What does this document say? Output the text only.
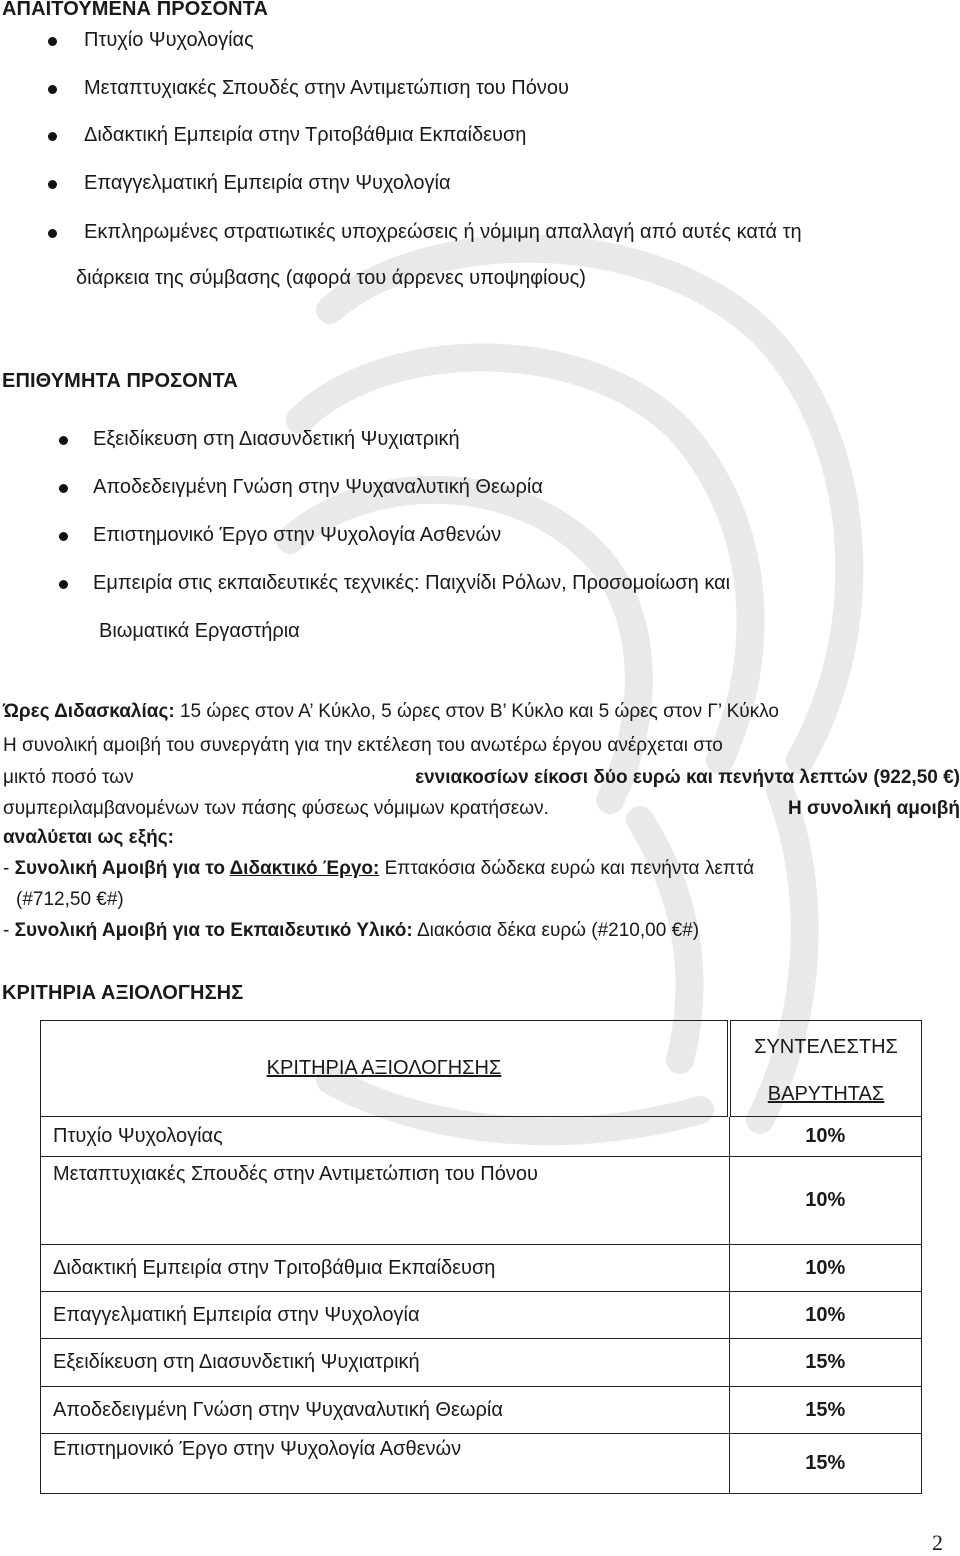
ΑΠΑΙΤΟΥΜΕΝΑ ΠΡΟΣΟΝΤΑ
Πτυχίο Ψυχολογίας
Μεταπτυχιακές Σπουδές στην Αντιμετώπιση του Πόνου
Διδακτική Εμπειρία στην Τριτοβάθμια Εκπαίδευση
Επαγγελματική Εμπειρία στην Ψυχολογία
Εκπληρωμένες στρατιωτικές υποχρεώσεις ή νόμιμη απαλλαγή από αυτές κατά τη
διάρκεια της σύμβασης (αφορά του άρρενες υποψηφίους)
ΕΠΙΘΥΜΗΤΑ ΠΡΟΣΟΝΤΑ
Εξειδίκευση στη Διασυνδετική Ψυχιατρική
Αποδεδειγμένη Γνώση στην Ψυχαναλυτική Θεωρία
Επιστημονικό Έργο στην Ψυχολογία Ασθενών
Εμπειρία στις εκπαιδευτικές τεχνικές: Παιχνίδι Ρόλων, Προσομοίωση και
Βιωματικά Εργαστήρια
Ώρες Διδασκαλίας: 15 ώρες στον Α’ Κύκλο, 5 ώρες στον Β’ Κύκλο και 5 ώρες στον Γ’ Κύκλο
Η συνολική αμοιβή του συνεργάτη για την εκτέλεση του ανωτέρω έργου ανέρχεται στο
μικτό ποσό των	εννιακοσίων είκοσι δύο ευρώ και πενήντα λεπτών (922,50 €)
συμπεριλαμβανομένων των πάσης φύσεως νόμιμων κρατήσεων.	Η συνολική αμοιβή
αναλύεται ως εξής:
- Συνολική Αμοιβή για το Διδακτικό Έργο: Επτακόσια δώδεκα ευρώ και πενήντα λεπτά
(#712,50 €#)
- Συνολική Αμοιβή για το Εκπαιδευτικό Υλικό: Διακόσια δέκα ευρώ (#210,00 €#)
ΚΡΙΤΗΡΙΑ ΑΞΙΟΛΟΓΗΣΗΣ
ΚΡΙΤΗΡΙΑ ΑΞΙΟΛΟΓΗΣΗΣ	ΣΥΝΤΕΛΕΣΤΗΣ
ΒΑΡΥΤΗΤΑΣ

Πτυχίο Ψυχολογίας	10%
Μεταπτυχιακές Σπουδές στην Αντιμετώπιση του Πόνου	10%
Διδακτική Εμπειρία στην Τριτοβάθμια Εκπαίδευση	10%
Επαγγελματική Εμπειρία στην Ψυχολογία	10%
Εξειδίκευση στη Διασυνδετική Ψυχιατρική	15%
Αποδεδειγμένη Γνώση στην Ψυχαναλυτική Θεωρία	15%
Επιστημονικό Έργο στην Ψυχολογία Ασθενών	15%
2
